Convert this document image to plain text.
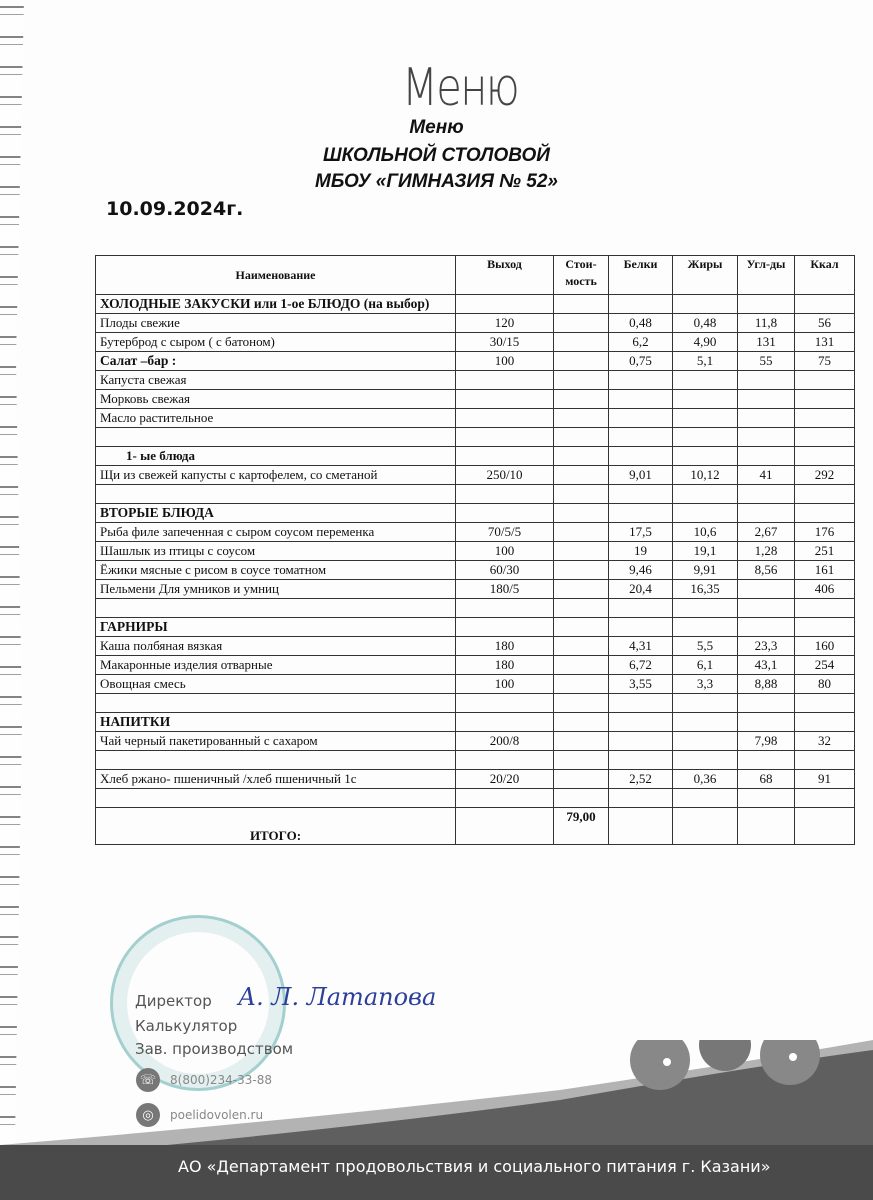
Меню
Меню
ШКОЛЬНОЙ СТОЛОВОЙ
МБОУ «ГИМНАЗИЯ № 52»
10.09.2024г.
Наименование	Выход	Стои-мость	Белки	Жиры	Угл-ды	Ккал
ХОЛОДНЫЕ ЗАКУСКИ или 1-ое БЛЮДО (на выбор)						
Плоды свежие	120		0,48	0,48	11,8	56
Бутерброд с сыром ( с батоном)	30/15		6,2	4,90	131	131
Салат –бар :	100		0,75	5,1	55	75
Капуста свежая						
Морковь свежая						
Масло растительное						

1- ые блюда						
Щи из свежей капусты с картофелем, со сметаной	250/10		9,01	10,12	41	292

ВТОРЫЕ БЛЮДА						
Рыба филе запеченная с сыром соусом переменка	70/5/5		17,5	10,6	2,67	176
Шашлык из птицы с соусом	100		19	19,1	1,28	251
Ёжики мясные с рисом в соусе томатном	60/30		9,46	9,91	8,56	161
Пельмени Для умников и умниц	180/5		20,4	16,35		406

ГАРНИРЫ						
Каша полбяная вязкая	180		4,31	5,5	23,3	160
Макаронные изделия отварные	180		6,72	6,1	43,1	254
Овощная смесь	100		3,55	3,3	8,88	80

НАПИТКИ						
Чай черный пакетированный с сахаром	200/8				7,98	32

Хлеб ржано- пшеничный /хлеб пшеничный 1с	20/20		2,52	0,36	68	91

ИТОГО:		79,00				
Директор А. Л. Латапова
Калькулятор
Зав. производством
☏	8(800)234-33-88
◎	poelidovolen.ru
АО «Департамент продовольствия и социального питания г. Казани»
